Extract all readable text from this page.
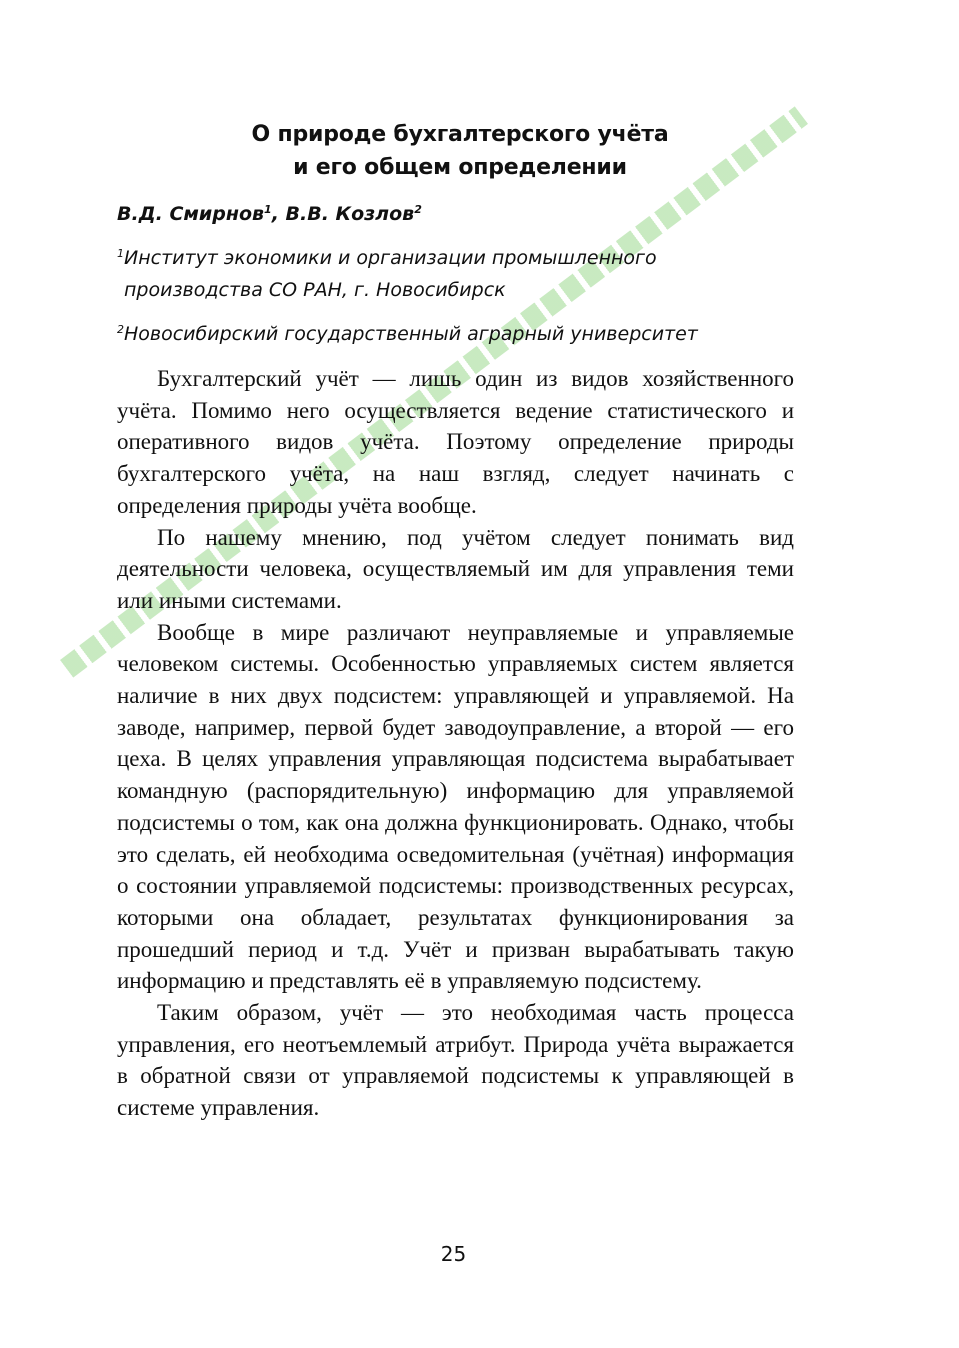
О природе бухгалтерского учёта
и его общем определении
В.Д. Смирнов$^1$, В.В. Козлов$^2$
$^1$Институт экономики и организации промышленного
производства СО РАН, г. Новосибирск
$^2$Новосибирский государственный аграрный университет

Бухгалтерский учёт — лишь один из видов хозяйственного учёта. Помимо него осуществляется ведение статистического и оперативного видов учёта. Поэтому определение природы бухгалтерского учёта, на наш взгляд, следует начинать с определения природы учёта вообще.

По нашему мнению, под учётом следует понимать вид деятельности человека, осуществляемый им для управления теми или иными системами.

Вообще в мире различают неуправляемые и управляемые человеком системы. Особенностью управляемых систем является наличие в них двух подсистем: управляющей и управляемой. На заводе, например, первой будет заводоуправление, а второй — его цеха. В целях управления управляющая подсистема вырабатывает командную (распорядительную) информацию для управляемой подсистемы о том, как она должна функционировать. Однако, чтобы это сделать, ей необходима осведомительная (учётная) информация о состоянии управляемой подсистемы: производственных ресурсах, которыми она обладает, результатах функционирования за прошедший период и т.д. Учёт и призван вырабатывать такую информацию и представлять её в управляемую подсистему.

Таким образом, учёт — это необходимая часть процесса управления, его неотъемлемый атрибут. Природа учёта выражается в обратной связи от управляемой подсистемы к управляющей в системе управления.

25
